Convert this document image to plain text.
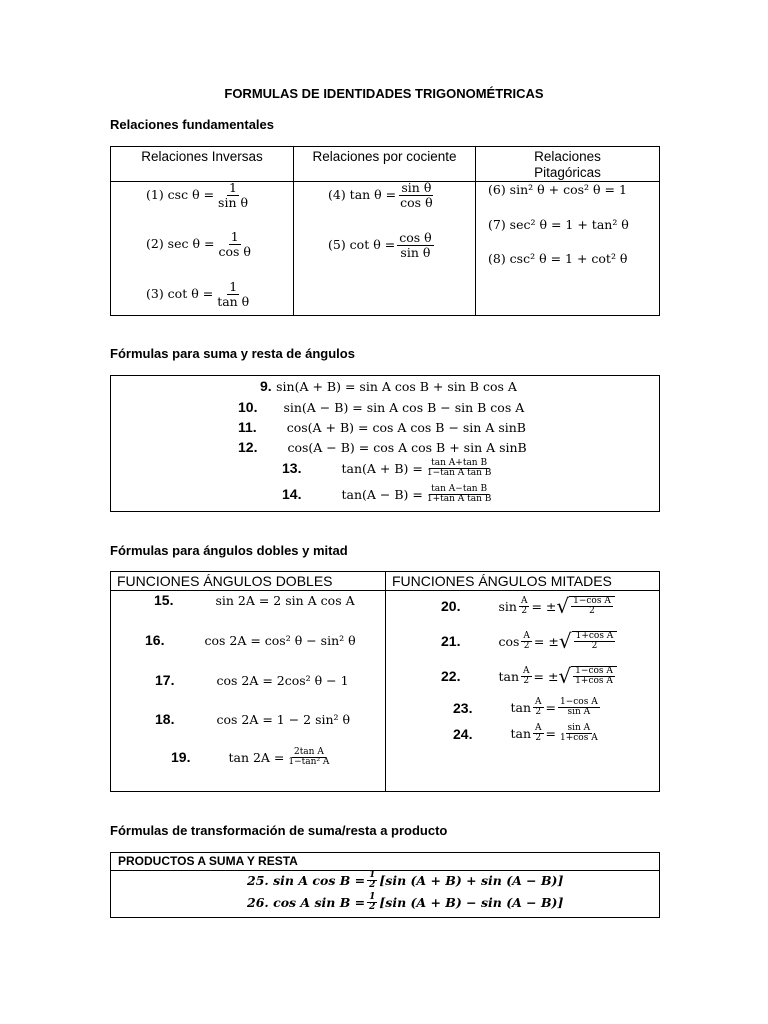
FORMULAS DE IDENTIDADES TRIGONOMÉTRICAS
Relaciones fundamentales
Fórmulas para suma y resta de ángulos
Fórmulas para ángulos dobles y mitad
Fórmulas de transformación de suma/resta a producto
Relaciones Inversas	Relaciones por cociente	Relaciones Pitagóricas
(1) $\csc \theta = \frac{1}{\text{sin θ}}$
(2) $\sec \theta = \frac{1}{\text{cos θ}}$
(3) $\cot \theta = \frac{1}{\text{tan θ}}$
(4) $\tan \theta = \frac{\text{sin θ}}{\text{cos θ}}$
(5) $\cot \theta = \frac{\text{cos θ}}{\text{sin θ}}$
(6) sin² θ + cos² θ = 1
(7) sec² θ = 1 + tan² θ
(8) csc² θ = 1 + cot² θ
9. sin(A + B) = sin A cos B + sin B cos A
10. sin(A − B) = sin A cos B − sin B cos A
11. cos(A + B) = cos A cos B − sin A sinB
12. cos(A − B) = cos A cos B + sin A sinB
13.	$\tan(A + B) = \frac{\text{tan A+tan B}}{\text{1−tan A tan B}}$
14.	$\tan(A - B) = \frac{\text{tan A−tan B}}{\text{1+tan A tan B}}$
FUNCIONES ÁNGULOS DOBLES	FUNCIONES ÁNGULOS MITADES
15.	sin 2A = 2 sin A cos A
16.	cos 2A = cos² θ − sin² θ
17.	cos 2A = 2cos² θ − 1
18.	cos 2A = 1 − 2 sin² θ
19.	$\tan 2A = \frac{\text{2tan A}}{\text{1−tan² A}}$
20.	$\sin \frac{A}{2}$ = ± √ $\frac{\text{1−cos A}}{2}$
21.	$\cos \frac{A}{2}$ = ± √ $\frac{\text{1+cos A}}{2}$
22.	$\tan \frac{A}{2}$ = ± √ $\frac{\text{1−cos A}}{\text{1+cos A}}$
23.	$\tan \frac{A}{2} = \frac{\text{1−cos A}}{\text{sin A}}$
24.	$\tan \frac{A}{2} = \frac{\text{sin A}}{\text{1+cos A}}$
PRODUCTOS A SUMA Y RESTA
25. sin A $\cos B = \frac{1}{2} [\sin$ (A + B) + sin (A − B)]
26. cos A $\sin B = \frac{1}{2} [\sin$ (A + B) − sin (A − B)]
